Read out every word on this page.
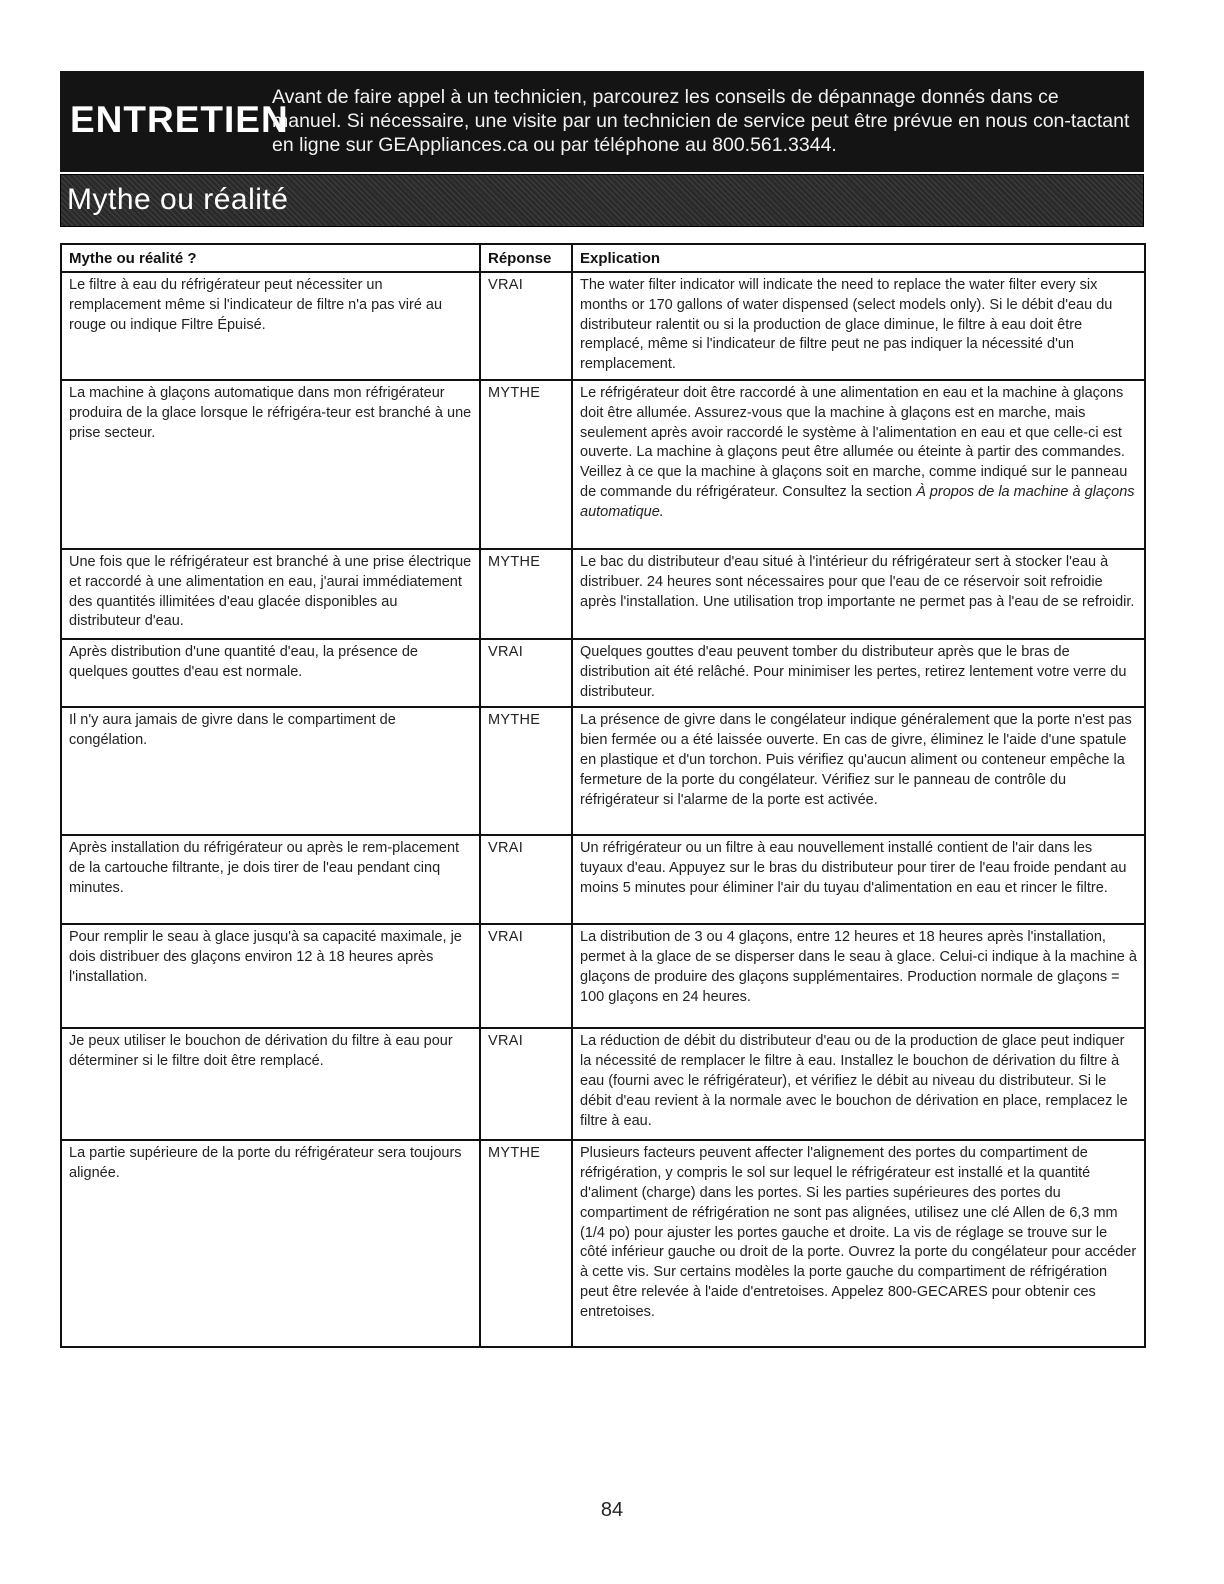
ENTRETIEN
Avant de faire appel à un technicien, parcourez les conseils de dépannage donnés dans ce manuel. Si nécessaire, une visite par un technicien de service peut être prévue en nous con-tactant en ligne sur GEAppliances.ca ou par téléphone au 800.561.3344.
Mythe ou réalité
Mythe ou réalité ?	Réponse	Explication
Le filtre à eau du réfrigérateur peut nécessiter un remplacement même si l'indicateur de filtre n'a pas viré au rouge ou indique Filtre Épuisé.	VRAI	The water filter indicator will indicate the need to replace the water filter every six months or 170 gallons of water dispensed (select models only). Si le débit d'eau du distributeur ralentit ou si la production de glace diminue, le filtre à eau doit être remplacé, même si l'indicateur de filtre peut ne pas indiquer la nécessité d'un remplacement.
La machine à glaçons automatique dans mon réfrigérateur produira de la glace lorsque le réfrigéra-teur est branché à une prise secteur.	MYTHE	Le réfrigérateur doit être raccordé à une alimentation en eau et la machine à glaçons doit être allumée. Assurez-vous que la machine à glaçons est en marche, mais seulement après avoir raccordé le système à l'alimentation en eau et que celle-ci est ouverte. La machine à glaçons peut être allumée ou éteinte à partir des commandes. Veillez à ce que la machine à glaçons soit en marche, comme indiqué sur le panneau de commande du réfrigérateur. Consultez la section À propos de la machine à glaçons automatique.
Une fois que le réfrigérateur est branché à une prise électrique et raccordé à une alimentation en eau, j'aurai immédiatement des quantités illimitées d'eau glacée disponibles au distributeur d'eau.	MYTHE	Le bac du distributeur d'eau situé à l'intérieur du réfrigérateur sert à stocker l'eau à distribuer. 24 heures sont nécessaires pour que l'eau de ce réservoir soit refroidie après l'installation. Une utilisation trop importante ne permet pas à l'eau de se refroidir.
Après distribution d'une quantité d'eau, la présence de quelques gouttes d'eau est normale.	VRAI	Quelques gouttes d'eau peuvent tomber du distributeur après que le bras de distribution ait été relâché. Pour minimiser les pertes, retirez lentement votre verre du distributeur.
Il n'y aura jamais de givre dans le compartiment de congélation.	MYTHE	La présence de givre dans le congélateur indique généralement que la porte n'est pas bien fermée ou a été laissée ouverte. En cas de givre, éliminez le l'aide d'une spatule en plastique et d'un torchon. Puis vérifiez qu'aucun aliment ou conteneur empêche la fermeture de la porte du congélateur. Vérifiez sur le panneau de contrôle du réfrigérateur si l'alarme de la porte est activée.
Après installation du réfrigérateur ou après le rem-placement de la cartouche filtrante, je dois tirer de l'eau pendant cinq minutes.	VRAI	Un réfrigérateur ou un filtre à eau nouvellement installé contient de l'air dans les tuyaux d'eau. Appuyez sur le bras du distributeur pour tirer de l'eau froide pendant au moins 5 minutes pour éliminer l'air du tuyau d'alimentation en eau et rincer le filtre.
Pour remplir le seau à glace jusqu'à sa capacité maximale, je dois distribuer des glaçons environ 12 à 18 heures après l'installation.	VRAI	La distribution de 3 ou 4 glaçons, entre 12 heures et 18 heures après l'installation, permet à la glace de se disperser dans le seau à glace. Celui-ci indique à la machine à glaçons de produire des glaçons supplémentaires. Production normale de glaçons = 100 glaçons en 24 heures.
Je peux utiliser le bouchon de dérivation du filtre à eau pour déterminer si le filtre doit être remplacé.	VRAI	La réduction de débit du distributeur d'eau ou de la production de glace peut indiquer la nécessité de remplacer le filtre à eau. Installez le bouchon de dérivation du filtre à eau (fourni avec le réfrigérateur), et vérifiez le débit au niveau du distributeur. Si le débit d'eau revient à la normale avec le bouchon de dérivation en place, remplacez le filtre à eau.
La partie supérieure de la porte du réfrigérateur sera toujours alignée.	MYTHE	Plusieurs facteurs peuvent affecter l'alignement des portes du compartiment de réfrigération, y compris le sol sur lequel le réfrigérateur est installé et la quantité d'aliment (charge) dans les portes. Si les parties supérieures des portes du compartiment de réfrigération ne sont pas alignées, utilisez une clé Allen de 6,3 mm (1/4 po) pour ajuster les portes gauche et droite. La vis de réglage se trouve sur le côté inférieur gauche ou droit de la porte. Ouvrez la porte du congélateur pour accéder à cette vis. Sur certains modèles la porte gauche du compartiment de réfrigération peut être relevée à l'aide d'entretoises. Appelez 800-GECARES pour obtenir ces entretoises.
84
